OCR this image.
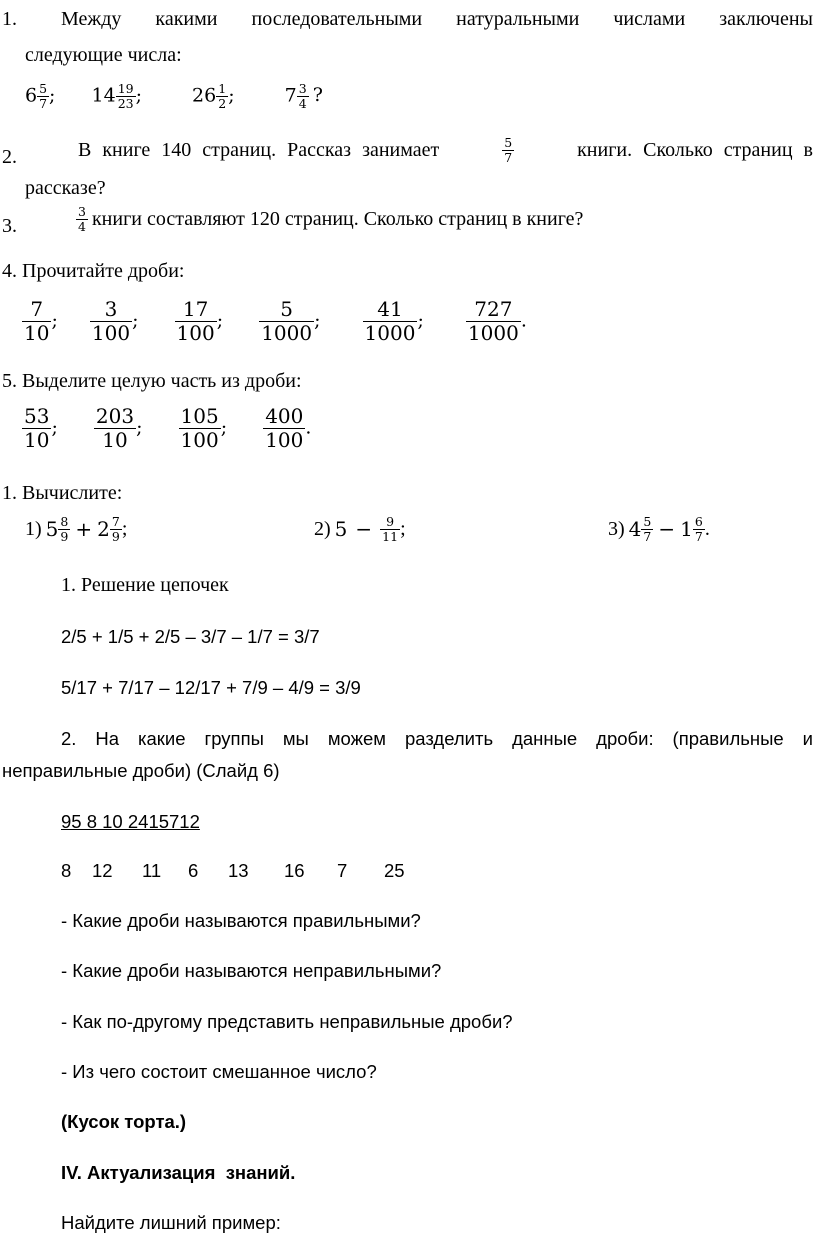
1. Между какими последовательными натуральными числами заключены
следующие числа:
$6 \frac{5}{7}$ ; $14 \frac{19}{23}$ ;	$26 \frac{1}{2}$ ;	$7 \frac{3}{4}$ ?
2.	В книге 140 страниц. Рассказ занимает	5
7	книги. Сколько страниц в
рассказе?
3.
3
4 книги составляют 120 страниц. Сколько страниц в книге?
4. Прочитайте дроби:
$\frac{7}{10}$ ; $\frac{3}{100}$ ; $\frac{17}{100}$ ; $\frac{5}{1000}$ ; $\frac{41}{1000}$ ; $\frac{727}{1000}$ .
5. Выделите целую часть из дроби:
$\frac{53}{10}$ ; $\frac{203}{10}$ ; $\frac{105}{100}$ ; $\frac{400}{100}$ .
1. Вычислите:
1) 5 8
9 + 2 7
9 ;	2) 5 − 9
11 ;	3) 4 5
7 − 1 6
7 .
1. Решение цепочек
2/5 + 1/5 + 2/5 – 3/7 – 1/7 = 3/7
5/17 + 7/17 – 12/17 + 7/9 – 4/9 = 3/9
2. На какие группы мы можем разделить данные дроби: (правильные и
неправильные дроби) (Слайд 6)
95 8 10 2415712
8 12 11 6 13 16 7 25
- Какие дроби называются правильными?
- Какие дроби называются неправильными?
- Как по-другому представить неправильные дроби?
- Из чего состоит смешанное число?
(Кусок торта.)
IV. Актуализация  знаний.
Найдите лишний пример:
